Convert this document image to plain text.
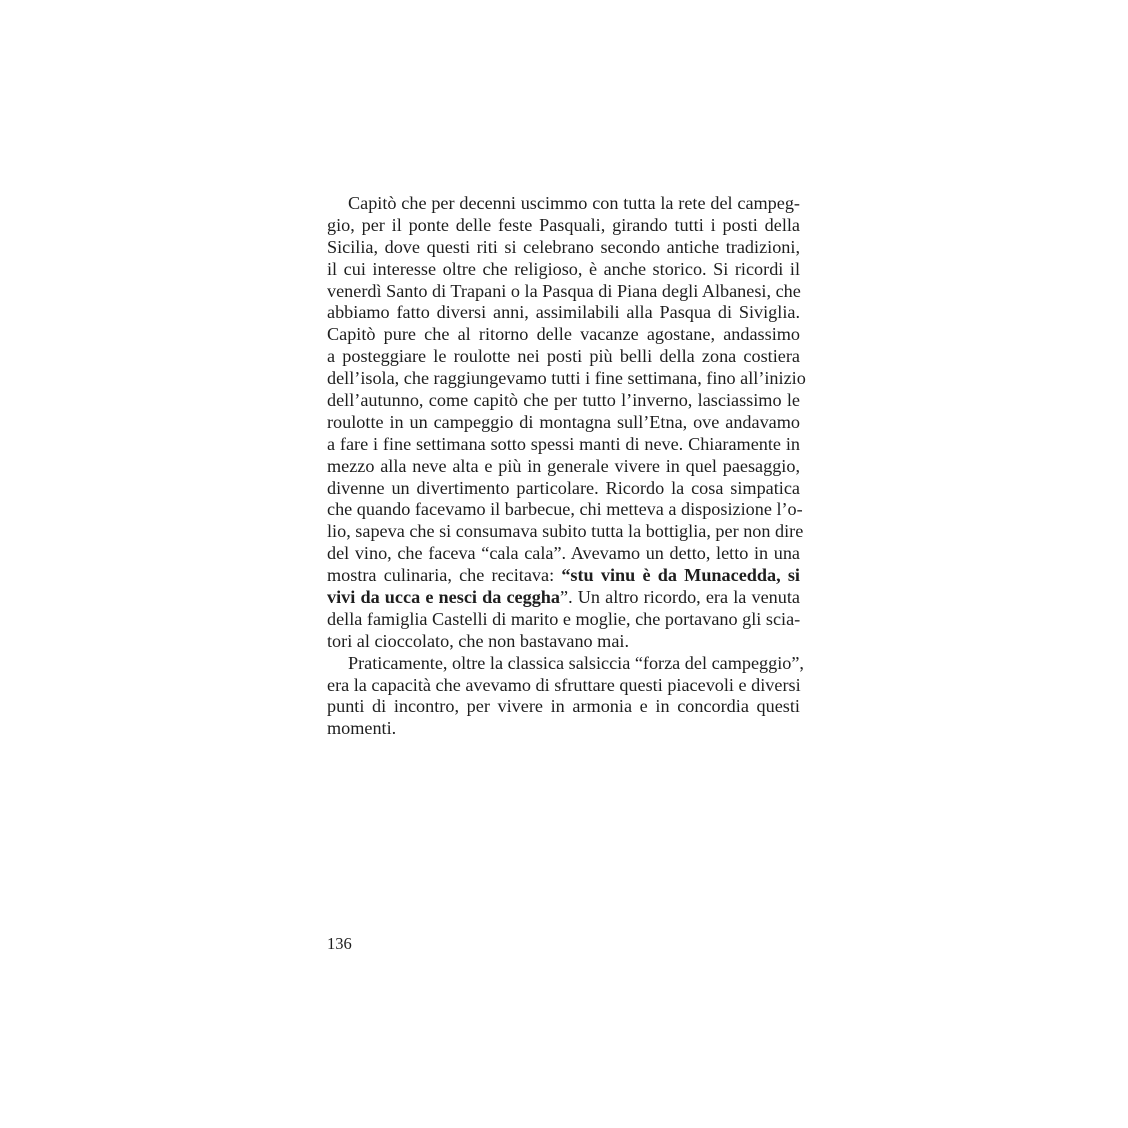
Capitò che per decenni uscimmo con tutta la rete del campeg-
gio, per il ponte delle feste Pasquali, girando tutti i posti della
Sicilia, dove questi riti si celebrano secondo antiche tradizioni,
il cui interesse oltre che religioso, è anche storico. Si ricordi il
venerdì Santo di Trapani o la Pasqua di Piana degli Albanesi, che
abbiamo fatto diversi anni, assimilabili alla Pasqua di Siviglia.
Capitò pure che al ritorno delle vacanze agostane, andassimo
a posteggiare le roulotte nei posti più belli della zona costiera
dell’isola, che raggiungevamo tutti i fine settimana, fino all’inizio
dell’autunno, come capitò che per tutto l’inverno, lasciassimo le
roulotte in un campeggio di montagna sull’Etna, ove andavamo
a fare i fine settimana sotto spessi manti di neve. Chiaramente in
mezzo alla neve alta e più in generale vivere in quel paesaggio,
divenne un divertimento particolare. Ricordo la cosa simpatica
che quando facevamo il barbecue, chi metteva a disposizione l’o-
lio, sapeva che si consumava subito tutta la bottiglia, per non dire
del vino, che faceva “cala cala”. Avevamo un detto, letto in una
mostra culinaria, che recitava: “stu vinu è da Munacedda, si
vivi da ucca e nesci da ceggha”. Un altro ricordo, era la venuta
della famiglia Castelli di marito e moglie, che portavano gli scia-
tori al cioccolato, che non bastavano mai.
Praticamente, oltre la classica salsiccia “forza del campeggio”,
era la capacità che avevamo di sfruttare questi piacevoli e diversi
punti di incontro, per vivere in armonia e in concordia questi
momenti.
136
